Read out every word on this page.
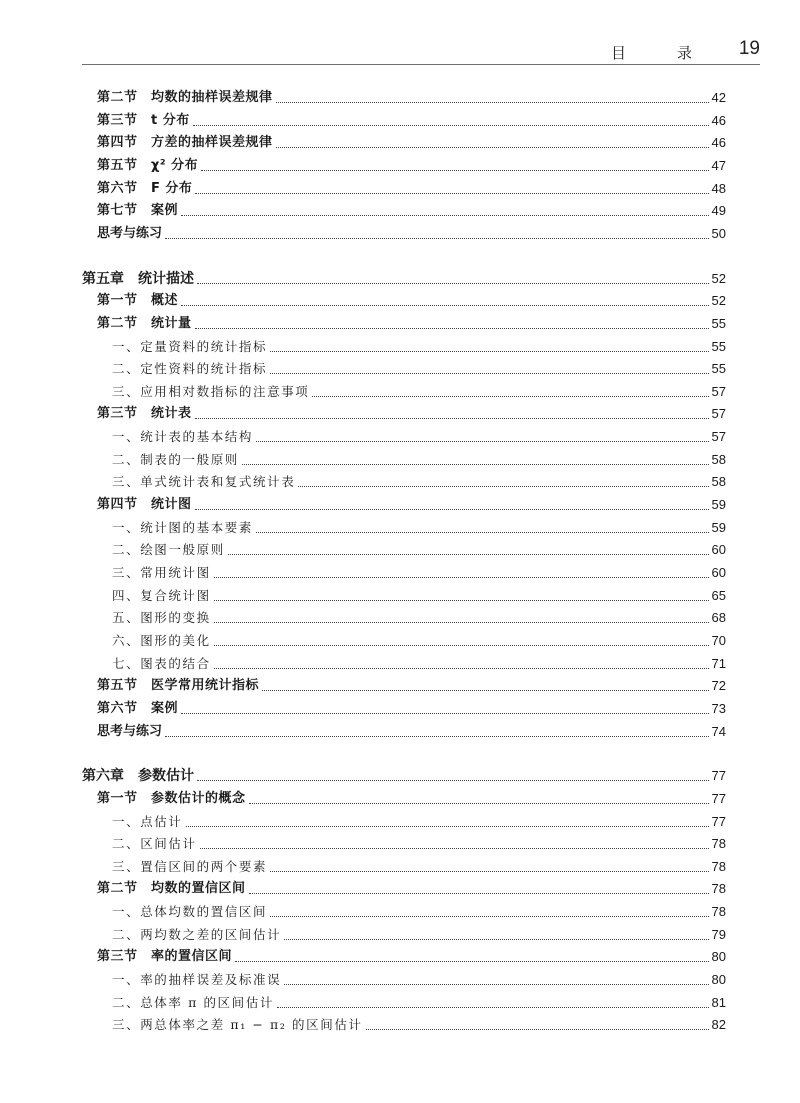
目　录 19
第二节　均数的抽样误差规律	42
第三节　t 分布	46
第四节　方差的抽样误差规律	46
第五节　χ² 分布	47
第六节　F 分布	48
第七节　案例	49
思考与练习	50
第五章　统计描述	52
第一节　概述	52
第二节　统计量	55
一、定量资料的统计指标	55
二、定性资料的统计指标	55
三、应用相对数指标的注意事项	57
第三节　统计表	57
一、统计表的基本结构	57
二、制表的一般原则	58
三、单式统计表和复式统计表	58
第四节　统计图	59
一、统计图的基本要素	59
二、绘图一般原则	60
三、常用统计图	60
四、复合统计图	65
五、图形的变换	68
六、图形的美化	70
七、图表的结合	71
第五节　医学常用统计指标	72
第六节　案例	73
思考与练习	74
第六章　参数估计	77
第一节　参数估计的概念	77
一、点估计	77
二、区间估计	78
三、置信区间的两个要素	78
第二节　均数的置信区间	78
一、总体均数的置信区间	78
二、两均数之差的区间估计	79
第三节　率的置信区间	80
一、率的抽样误差及标准误	80
二、总体率 π 的区间估计	81
三、两总体率之差 π₁ − π₂ 的区间估计	82
